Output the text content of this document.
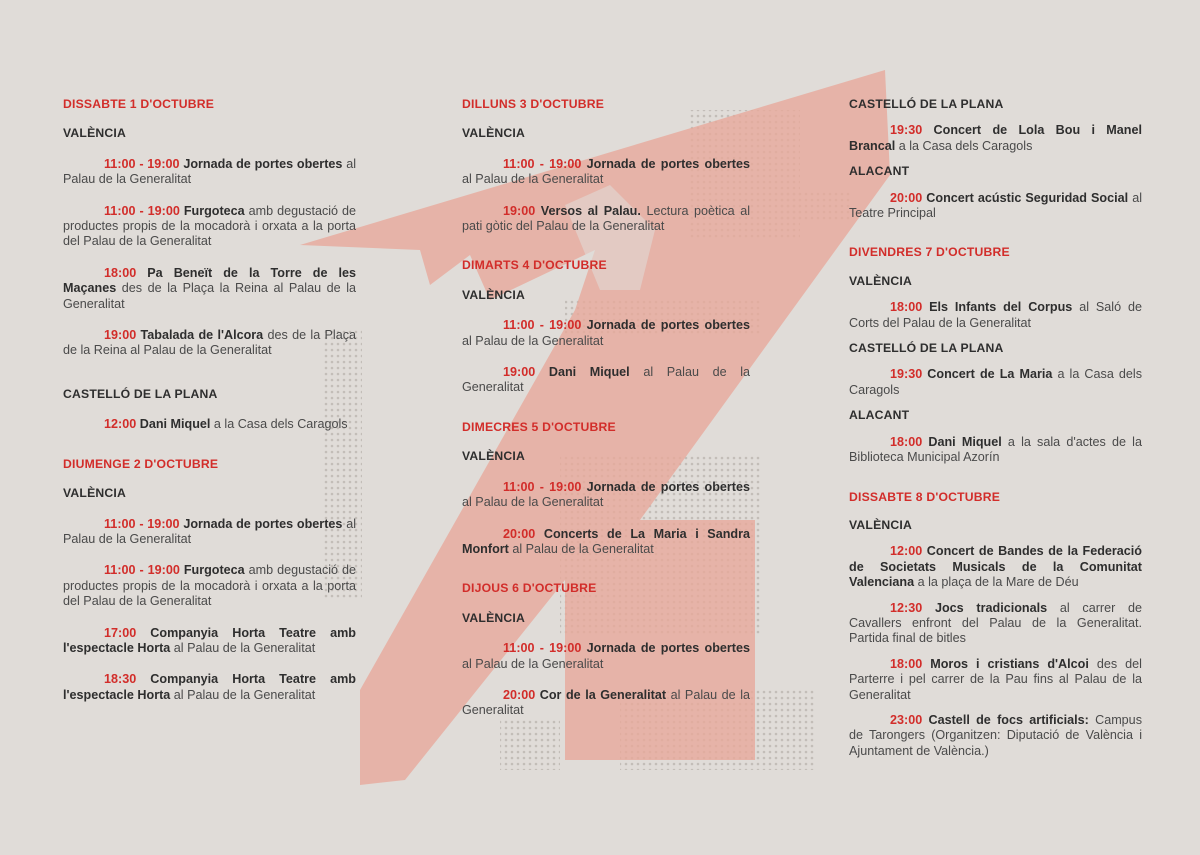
DISSABTE 1 D'OCTUBRE
VALÈNCIA
11:00 - 19:00 Jornada de portes obertes al Palau de la Generalitat
11:00 - 19:00 Furgoteca amb degustació de productes propis de la mocadorà i orxata a la porta del Palau de la Generalitat
18:00 Pa Beneït de la Torre de les Maçanes des de la Plaça la Reina al Palau de la Generalitat
19:00 Tabalada de l'Alcora des de la Plaça de la Reina al Palau de la Generalitat
CASTELLÓ DE LA PLANA
12:00 Dani Miquel a la Casa dels Caragols
DIUMENGE 2 D'OCTUBRE
VALÈNCIA
11:00 - 19:00 Jornada de portes obertes al Palau de la Generalitat
11:00 - 19:00 Furgoteca amb degustació de productes propis de la mocadorà i orxata a la porta del Palau de la Generalitat
17:00 Companyia Horta Teatre amb l'espectacle Horta al Palau de la Generalitat
18:30 Companyia Horta Teatre amb l'espectacle Horta al Palau de la Generalitat
DILLUNS 3 D'OCTUBRE
VALÈNCIA
11:00 - 19:00 Jornada de portes obertes al Palau de la Generalitat
19:00 Versos al Palau. Lectura poètica al pati gòtic del Palau de la Generalitat
DIMARTS 4 D'OCTUBRE
VALÈNCIA
11:00 - 19:00 Jornada de portes obertes al Palau de la Generalitat
19:00 Dani Miquel al Palau de la Generalitat
DIMECRES 5 D'OCTUBRE
VALÈNCIA
11:00 - 19:00 Jornada de portes obertes al Palau de la Generalitat
20:00 Concerts de La Maria i Sandra Monfort al Palau de la Generalitat
DIJOUS 6 D'OCTUBRE
VALÈNCIA
11:00 - 19:00 Jornada de portes obertes al Palau de la Generalitat
20:00 Cor de la Generalitat al Palau de la Generalitat
CASTELLÓ DE LA PLANA
19:30 Concert de Lola Bou i Manel Brancal a la Casa dels Caragols
ALACANT
20:00 Concert acústic Seguridad Social al Teatre Principal
DIVENDRES 7 D'OCTUBRE
VALÈNCIA
18:00 Els Infants del Corpus al Saló de Corts del Palau de la Generalitat
CASTELLÓ DE LA PLANA
19:30 Concert de La Maria a la Casa dels Caragols
ALACANT
18:00 Dani Miquel a la sala d'actes de la Biblioteca Municipal Azorín
DISSABTE 8 D'OCTUBRE
VALÈNCIA
12:00 Concert de Bandes de la Federació de Societats Musicals de la Comunitat Valenciana a la plaça de la Mare de Déu
12:30 Jocs tradicionals al carrer de Cavallers enfront del Palau de la Generalitat. Partida final de bitles
18:00 Moros i cristians d'Alcoi des del Parterre i pel carrer de la Pau fins al Palau de la Generalitat
23:00 Castell de focs artificials: Campus de Tarongers (Organitzen: Diputació de València i Ajuntament de València.)
